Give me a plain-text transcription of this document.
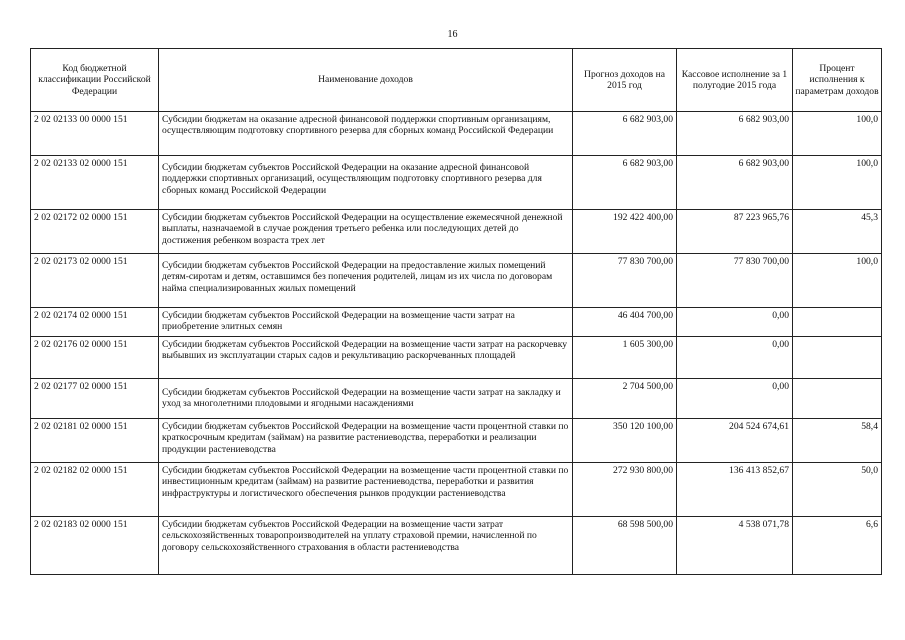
16
Код бюджетной классификации Российской Федерации	Наименование доходов	Прогноз доходов на 2015 год	Кассовое исполнение за 1 полугодие 2015 года	Процент исполнения к параметрам доходов
2 02 02133 00 0000 151	Субсидии бюджетам на оказание адресной финансовой поддержки спортивным организациям, осуществляющим подготовку спортивного резерва для сборных команд Российской Федерации	6 682 903,00	6 682 903,00	100,0
2 02 02133 02 0000 151	Субсидии бюджетам субъектов Российской Федерации на оказание адресной финансовой поддержки спортивных организаций, осуществляющим подготовку спортивного резерва для сборных команд Российской Федерации	6 682 903,00	6 682 903,00	100,0
2 02 02172 02 0000 151	Субсидии бюджетам субъектов Российской Федерации на осуществление ежемесячной денежной выплаты, назначаемой в случае рождения третьего ребенка или последующих детей до достижения ребенком возраста трех лет	192 422 400,00	87 223 965,76	45,3
2 02 02173 02 0000 151	Субсидии бюджетам субъектов Российской Федерации на предоставление жилых помещений детям-сиротам и детям, оставшимся без попечения родителей, лицам из их числа по договорам найма специализированных жилых помещений	77 830 700,00	77 830 700,00	100,0
2 02 02174 02 0000 151	Субсидии бюджетам субъектов Российской Федерации на возмещение части затрат на приобретение элитных семян	46 404 700,00	0,00	
2 02 02176 02 0000 151	Субсидии бюджетам субъектов Российской Федерации на возмещение части затрат на раскорчевку выбывших из эксплуатации старых садов и рекультивацию раскорчеванных площадей	1 605 300,00	0,00	
2 02 02177 02 0000 151	Субсидии бюджетам субъектов Российской Федерации на возмещение части затрат на закладку и уход за многолетними плодовыми и ягодными насаждениями	2 704 500,00	0,00	
2 02 02181 02 0000 151	Субсидии бюджетам субъектов Российской Федерации на возмещение части процентной ставки по краткосрочным кредитам (займам) на развитие растениеводства, переработки и реализации продукции растениеводства	350 120 100,00	204 524 674,61	58,4
2 02 02182 02 0000 151	Субсидии бюджетам субъектов Российской Федерации на возмещение части процентной ставки по инвестиционным кредитам (займам) на развитие растениеводства, переработки и развития инфраструктуры и логистического обеспечения рынков продукции растениеводства	272 930 800,00	136 413 852,67	50,0
2 02 02183 02 0000 151	Субсидии бюджетам субъектов Российской Федерации на возмещение части затрат сельскохозяйственных товаропроизводителей на уплату страховой премии, начисленной по договору сельскохозяйственного страхования в области растениеводства	68 598 500,00	4 538 071,78	6,6
